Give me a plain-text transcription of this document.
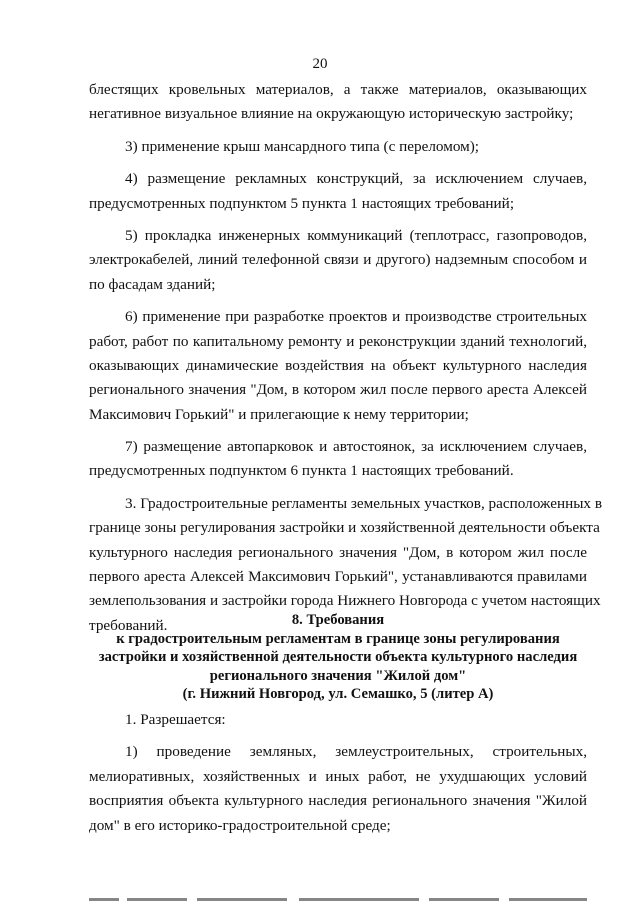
20
блестящих кровельных материалов, а также материалов, оказывающих
негативное визуальное влияние на окружающую историческую застройку;
3) применение крыш мансардного типа (с переломом);
4) размещение рекламных конструкций, за исключением случаев,
предусмотренных подпунктом 5 пункта 1 настоящих требований;
5) прокладка инженерных коммуникаций (теплотрасс, газопроводов,
электрокабелей, линий телефонной связи и другого) надземным способом и
по фасадам зданий;
6) применение при разработке проектов и производстве строительных
работ, работ по капитальному ремонту и реконструкции зданий технологий,
оказывающих динамические воздействия на объект культурного наследия
регионального значения "Дом, в котором жил после первого ареста Алексей
Максимович Горький" и прилегающие к нему территории;
7) размещение автопарковок и автостоянок, за исключением случаев,
предусмотренных подпунктом 6 пункта 1 настоящих требований.
3. Градостроительные регламенты земельных участков, расположенных в
границе зоны регулирования застройки и хозяйственной деятельности объекта
культурного наследия регионального значения "Дом, в котором жил после
первого ареста Алексей Максимович Горький", устанавливаются правилами
землепользования и застройки города Нижнего Новгорода с учетом настоящих
требований.	8. Требования
к градостроительным регламентам в границе зоны регулирования
застройки и хозяйственной деятельности объекта культурного наследия
регионального значения "Жилой дом"
(г. Нижний Новгород, ул. Семашко, 5 (литер А)
1. Разрешается:
1) проведение земляных, землеустроительных, строительных,
мелиоративных, хозяйственных и иных работ, не ухудшающих условий
восприятия объекта культурного наследия регионального значения "Жилой
дом" в его историко-градостроительной среде;
